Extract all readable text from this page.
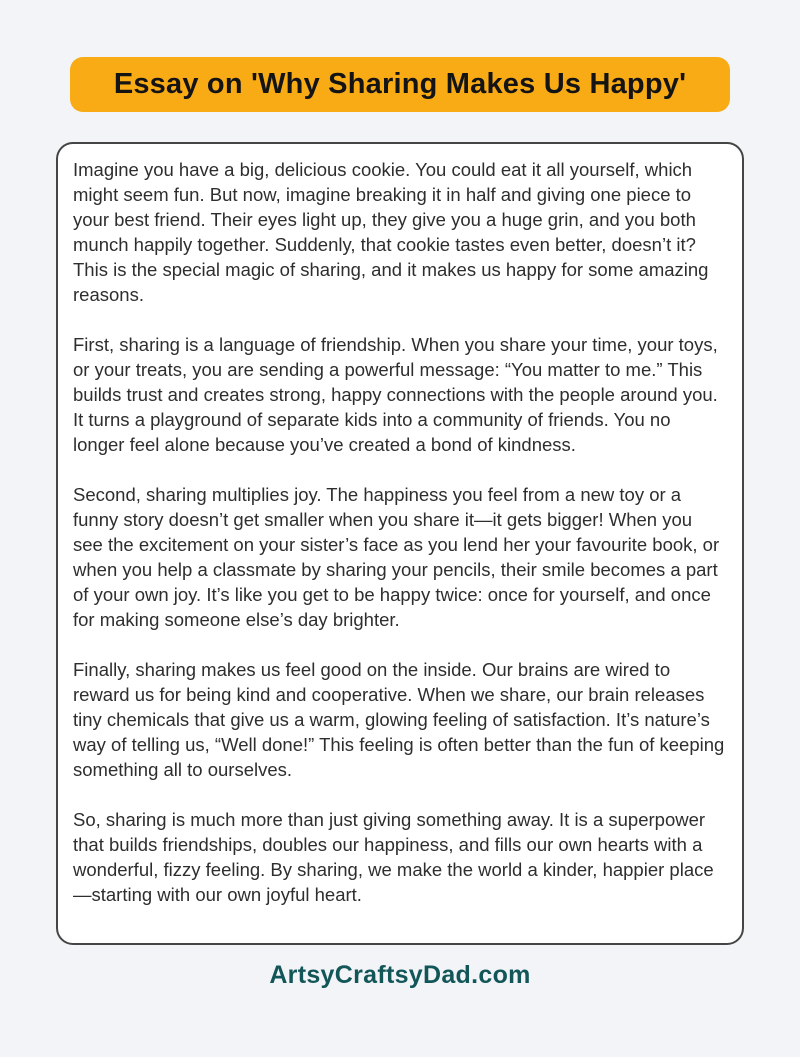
Essay on 'Why Sharing Makes Us Happy'

Imagine you have a big, delicious cookie. You could eat it all yourself, which might seem fun. But now, imagine breaking it in half and giving one piece to your best friend. Their eyes light up, they give you a huge grin, and you both munch happily together. Suddenly, that cookie tastes even better, doesn’t it? This is the special magic of sharing, and it makes us happy for some amazing reasons.

First, sharing is a language of friendship. When you share your time, your toys, or your treats, you are sending a powerful message: “You matter to me.” This builds trust and creates strong, happy connections with the people around you. It turns a playground of separate kids into a community of friends. You no longer feel alone because you’ve created a bond of kindness.

Second, sharing multiplies joy. The happiness you feel from a new toy or a funny story doesn’t get smaller when you share it—it gets bigger! When you see the excitement on your sister’s face as you lend her your favourite book, or when you help a classmate by sharing your pencils, their smile becomes a part of your own joy. It’s like you get to be happy twice: once for yourself, and once for making someone else’s day brighter.

Finally, sharing makes us feel good on the inside. Our brains are wired to reward us for being kind and cooperative. When we share, our brain releases tiny chemicals that give us a warm, glowing feeling of satisfaction. It’s nature’s way of telling us, “Well done!” This feeling is often better than the fun of keeping something all to ourselves.

So, sharing is much more than just giving something away. It is a superpower that builds friendships, doubles our happiness, and fills our own hearts with a wonderful, fizzy feeling. By sharing, we make the world a kinder, happier place—starting with our own joyful heart.

ArtsyCraftsyDad.com
